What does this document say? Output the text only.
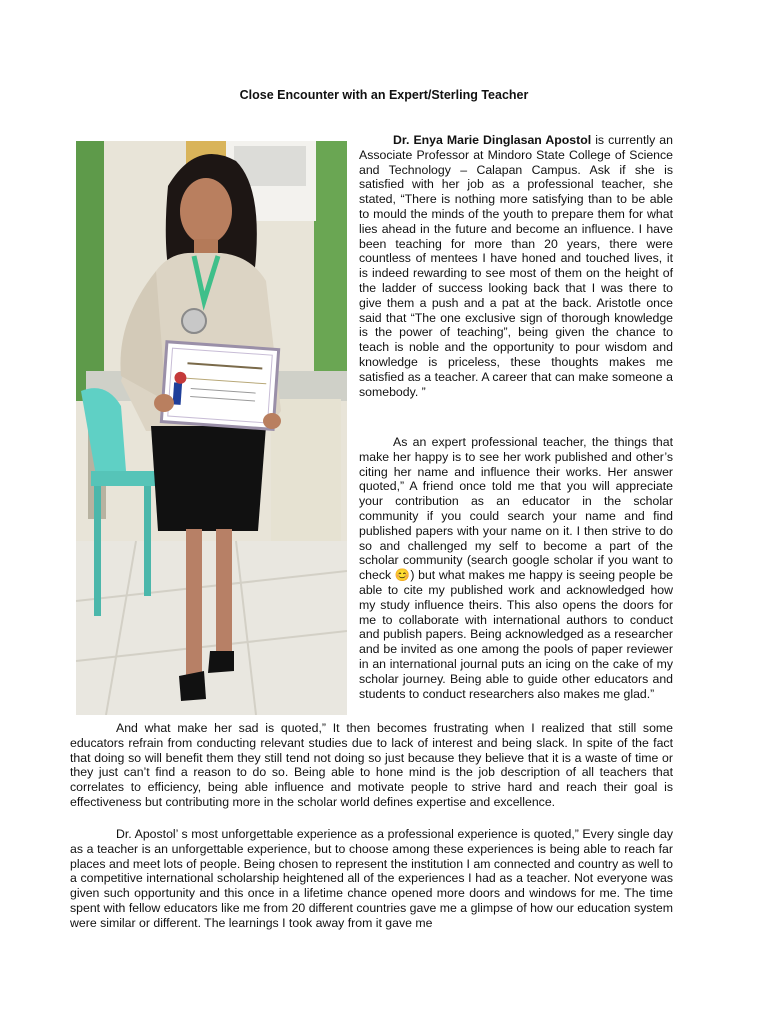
Close Encounter with an Expert/Sterling Teacher

Dr. Enya Marie Dinglasan Apostol is currently an Associate Professor at Mindoro State College of Science and Technology – Calapan Campus. Ask if she is satisfied with her job as a professional teacher, she stated, “There is nothing more satisfying than to be able to mould the minds of the youth to prepare them for what lies ahead in the future and become an influence. I have been teaching for more than 20 years, there were countless of mentees I have honed and touched lives, it is indeed rewarding to see most of them on the height of the ladder of success looking back that I was there to give them a push and a pat at the back. Aristotle once said that “The one exclusive sign of thorough knowledge is the power of teaching”, being given the chance to teach is noble and the opportunity to pour wisdom and knowledge is priceless, these thoughts makes me satisfied as a teacher. A career that can make someone a somebody. ”

As an expert professional teacher, the things that make her happy is to see her work published and other’s citing her name and influence their works. Her answer quoted,” A friend once told me that you will appreciate your contribution as an educator in the scholar community if you could search your name and find published papers with your name on it. I then strive to do so and challenged my self to become a part of the scholar community (search google scholar if you want to check 😊) but what makes me happy is seeing people be able to cite my published work and acknowledged how my study influence theirs. This also opens the doors for me to collaborate with international authors to conduct and publish papers. Being acknowledged as a researcher and be invited as one among the pools of paper reviewer in an international journal puts an icing on the cake of my scholar journey. Being able to guide other educators and students to conduct researchers also makes me glad.”

And what make her sad is quoted,” It then becomes frustrating when I realized that still some educators refrain from conducting relevant studies due to lack of interest and being slack. In spite of the fact that doing so will benefit them they still tend not doing so just because they believe that it is a waste of time or they just can’t find a reason to do so. Being able to hone mind is the job description of all teachers that correlates to efficiency, being able influence and motivate people to strive hard and reach their goal is effectiveness but contributing more in the scholar world defines expertise and excellence.

Dr. Apostol’ s most unforgettable experience as a professional experience is quoted,” Every single day as a teacher is an unforgettable experience, but to choose among these experiences is being able to reach far places and meet lots of people. Being chosen to represent the institution I am connected and country as well to a competitive international scholarship heightened all of the experiences I had as a teacher. Not everyone was given such opportunity and this once in a lifetime chance opened more doors and windows for me. The time spent with fellow educators like me from 20 different countries gave me a glimpse of how our education system were similar or different. The learnings I took away from it gave me
